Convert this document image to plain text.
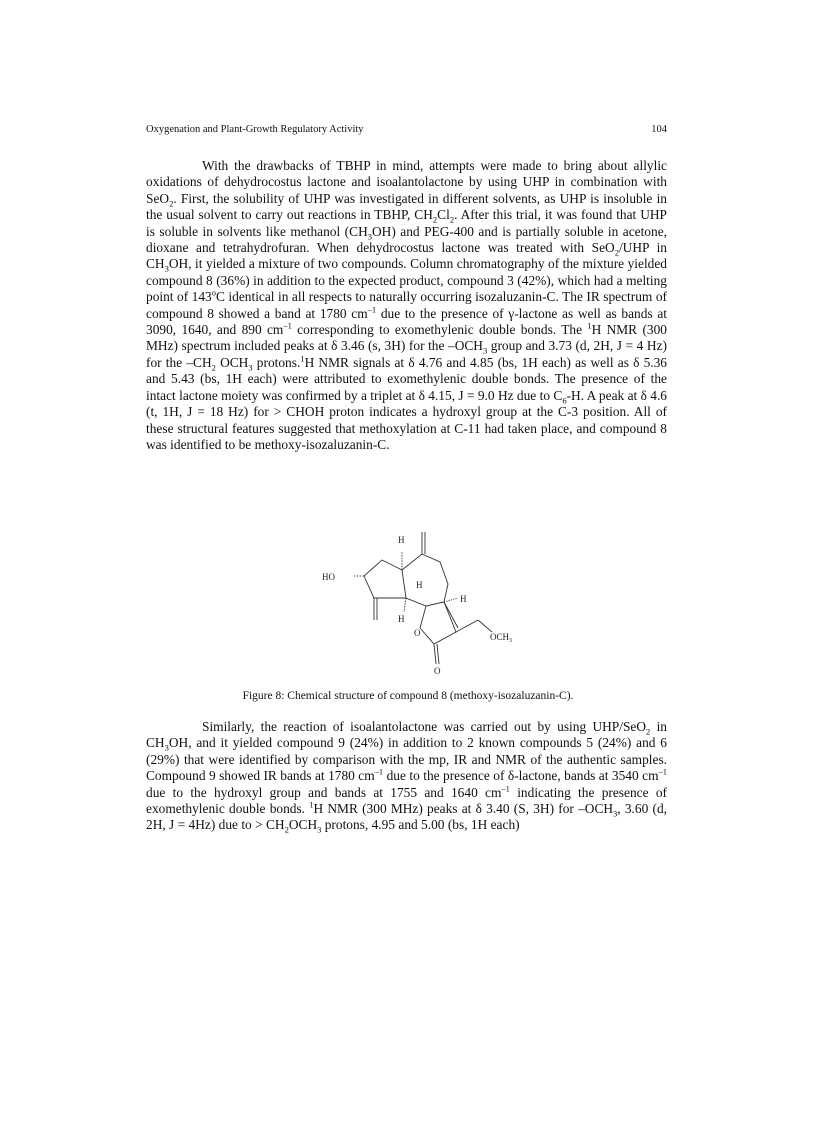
Oxygenation and Plant-Growth Regulatory Activity	104

With the drawbacks of TBHP in mind, attempts were made to bring about allylic oxidations of dehydrocostus lactone and isoalantolactone by using UHP in combination with SeO$_2$. First, the solubility of UHP was investigated in different solvents, as UHP is insoluble in the usual solvent to carry out reactions in TBHP, $CH_2Cl_2$. After this trial, it was found that UHP is soluble in solvents like methanol $(CH_3OH)$ and PEG-400 and is partially soluble in acetone, dioxane and tetrahydrofuran. When dehydrocostus lactone was treated with SeO$_2$/UHP in $CH_3OH$, it yielded a mixture of two compounds. Column chromatography of the mixture yielded compound 8 (36%) in addition to the expected product, compound 3 (42%), which had a melting point of 143$^o$C identical in all respects to naturally occurring isozaluzanin-C. The IR spectrum of compound 8 showed a band at 1780 $cm^{-1}$ due to the presence of γ-lactone as well as bands at 3090, 1640, and 890 $cm^{-1}$ corresponding to exomethylenic double bonds. The $^1$H NMR (300 MHz) spectrum included peaks at δ 3.46 (s, 3H) for the $-OCH_3$ group and 3.73 (d, 2H, J = 4 Hz) for the $-CH_2$ $OCH_3$ protons.$^1$H NMR signals at δ 4.76 and 4.85 (bs, 1H each) as well as δ 5.36 and 5.43 (bs, 1H each) were attributed to exomethylenic double bonds. The presence of the intact lactone moiety was confirmed by a triplet at δ 4.15, J = 9.0 Hz due to $C_6-H$. A peak at δ 4.6 (t, 1H, J = 18 Hz) for > CHOH proton indicates a hydroxyl group at the C-3 position. All of these structural features suggested that methoxylation at C-11 had taken place, and compound 8 was identified to be methoxy-isozaluzanin-C.

H
HO
H
H
H
$OCH_3$
O
O
Figure 8: Chemical structure of compound 8 (methoxy-isozaluzanin-C).

Similarly, the reaction of isoalantolactone was carried out by using UHP/SeO$_2$ in $CH_3OH$, and it yielded compound 9 (24%) in addition to 2 known compounds 5 (24%) and 6 (29%) that were identified by comparison with the mp, IR and NMR of the authentic samples. Compound 9 showed IR bands at 1780 $cm^{-1}$ due to the presence of δ-lactone, bands at 3540 $cm^{-1}$ due to the hydroxyl group and bands at 1755 and 1640 $cm^{-1}$ indicating the presence of exomethylenic double bonds. $^1$H NMR (300 MHz) peaks at δ 3.40 (S, 3H) for $-OCH_3$, 3.60 (d, 2H, J = 4Hz) due to > $CH_2OCH_3$ protons, 4.95 and 5.00 (bs, 1H each)
